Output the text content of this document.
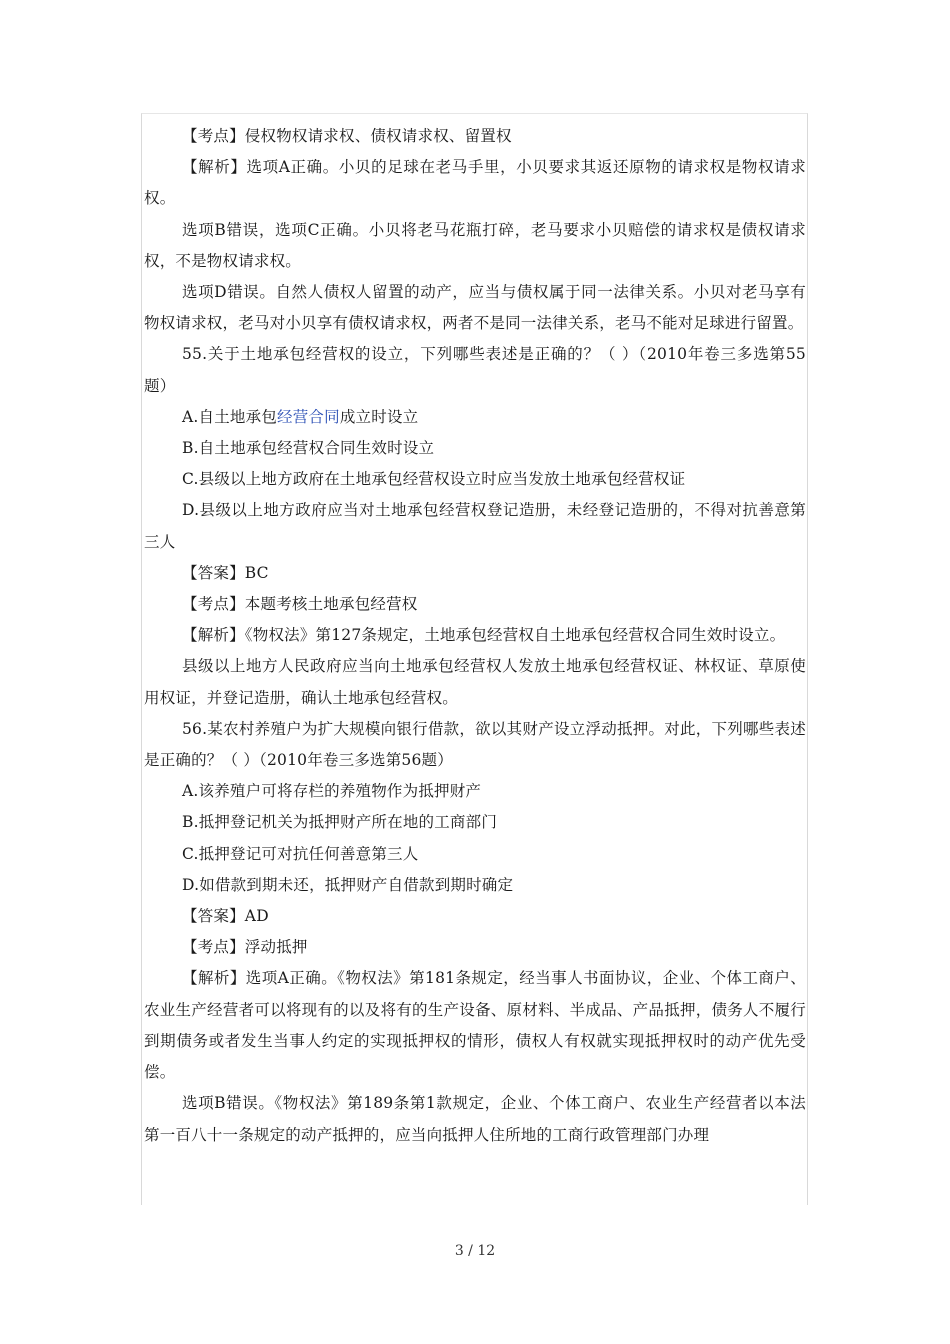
【考点】侵权物权请求权、债权请求权、留置权

【解析】选项A正确。小贝的足球在老马手里，小贝要求其返还原物的请求权是物权请求权。

选项B错误，选项C正确。小贝将老马花瓶打碎，老马要求小贝赔偿的请求权是债权请求权，不是物权请求权。

选项D错误。自然人债权人留置的动产，应当与债权属于同一法律关系。小贝对老马享有物权请求权，老马对小贝享有债权请求权，两者不是同一法律关系，老马不能对足球进行留置。

55.关于土地承包经营权的设立，下列哪些表述是正确的？（ ）（2010年卷三多选第55题）

A.自土地承包经营合同成立时设立

B.自土地承包经营权合同生效时设立

C.县级以上地方政府在土地承包经营权设立时应当发放土地承包经营权证

D.县级以上地方政府应当对土地承包经营权登记造册，未经登记造册的，不得对抗善意第三人

【答案】BC

【考点】本题考核土地承包经营权

【解析】《物权法》第127条规定，土地承包经营权自土地承包经营权合同生效时设立。

县级以上地方人民政府应当向土地承包经营权人发放土地承包经营权证、林权证、草原使用权证，并登记造册，确认土地承包经营权。

56.某农村养殖户为扩大规模向银行借款，欲以其财产设立浮动抵押。对此，下列哪些表述是正确的？（ ）（2010年卷三多选第56题）

A.该养殖户可将存栏的养殖物作为抵押财产

B.抵押登记机关为抵押财产所在地的工商部门

C.抵押登记可对抗任何善意第三人

D.如借款到期未还，抵押财产自借款到期时确定

【答案】AD

【考点】浮动抵押

【解析】选项A正确。《物权法》第181条规定，经当事人书面协议，企业、个体工商户、农业生产经营者可以将现有的以及将有的生产设备、原材料、半成品、产品抵押，债务人不履行到期债务或者发生当事人约定的实现抵押权的情形，债权人有权就实现抵押权时的动产优先受偿。

选项B错误。《物权法》第189条第1款规定，企业、个体工商户、农业生产经营者以本法第一百八十一条规定的动产抵押的，应当向抵押人住所地的工商行政管理部门办理

3 / 12
